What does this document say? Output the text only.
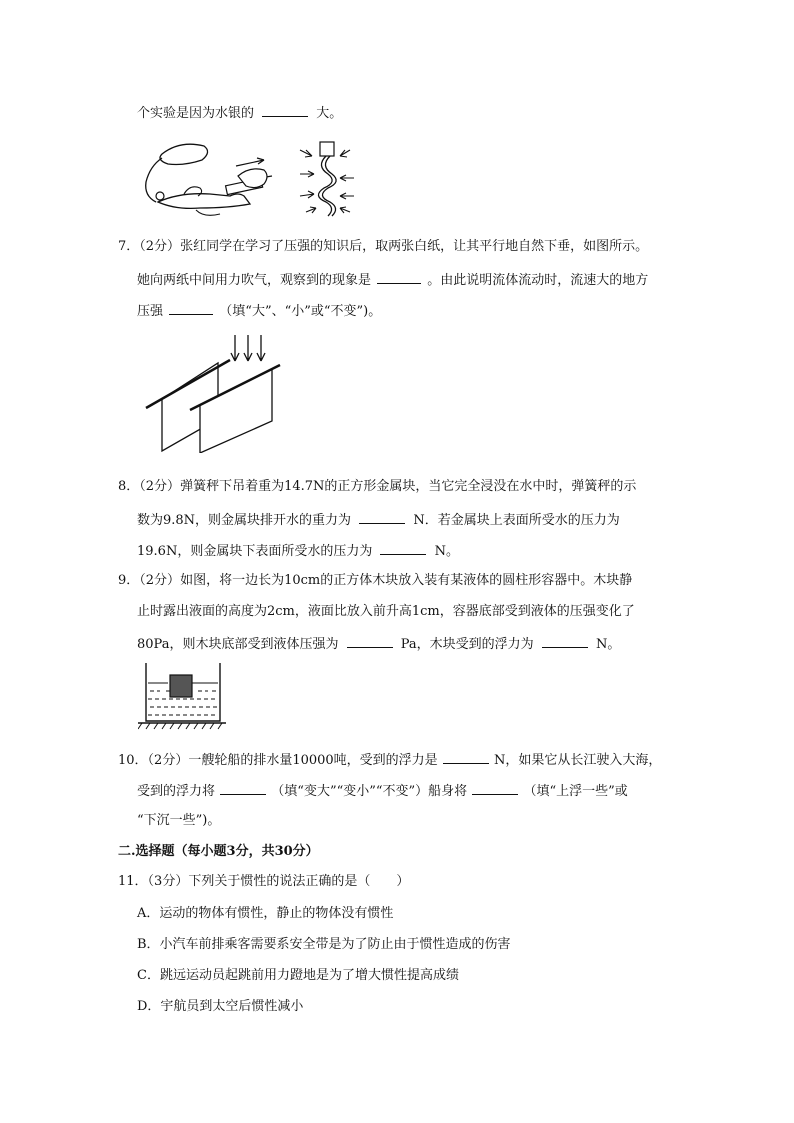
个实验是因为水银的	大。
7．（2分）张红同学在学习了压强的知识后，取两张白纸，让其平行地自然下垂，如图所示。
她向两纸中间用力吹气，观察到的现象是	。由此说明流体流动时，流速大的地方
压强	（填“大”、“小”或“不变”)。
8．（2分）弹簧秤下吊着重为14.7N的正方形金属块，当它完全浸没在水中时，弹簧秤的示
数为9.8N，则金属块排开水的重力为	N．若金属块上表面所受水的压力为
19.6N，则金属块下表面所受水的压力为	N。
9．（2分）如图，将一边长为10cm的正方体木块放入装有某液体的圆柱形容器中。木块静
止时露出液面的高度为2cm，液面比放入前升高1cm，容器底部受到液体的压强变化了
80Pa，则木块底部受到液体压强为	Pa，木块受到的浮力为	N。
10．（2分）一艘轮船的排水量10000吨，受到的浮力是	N，如果它从长江驶入大海，
受到的浮力将	（填“变大”“变小”“不变”）船身将	（填“上浮一些”或
“下沉一些”)。
二.选择题（每小题3分，共30分）
11．（3分）下列关于惯性的说法正确的是（　　）
A．运动的物体有惯性，静止的物体没有惯性
B．小汽车前排乘客需要系安全带是为了防止由于惯性造成的伤害
C．跳远运动员起跳前用力蹬地是为了增大惯性提高成绩
D．宇航员到太空后惯性减小
